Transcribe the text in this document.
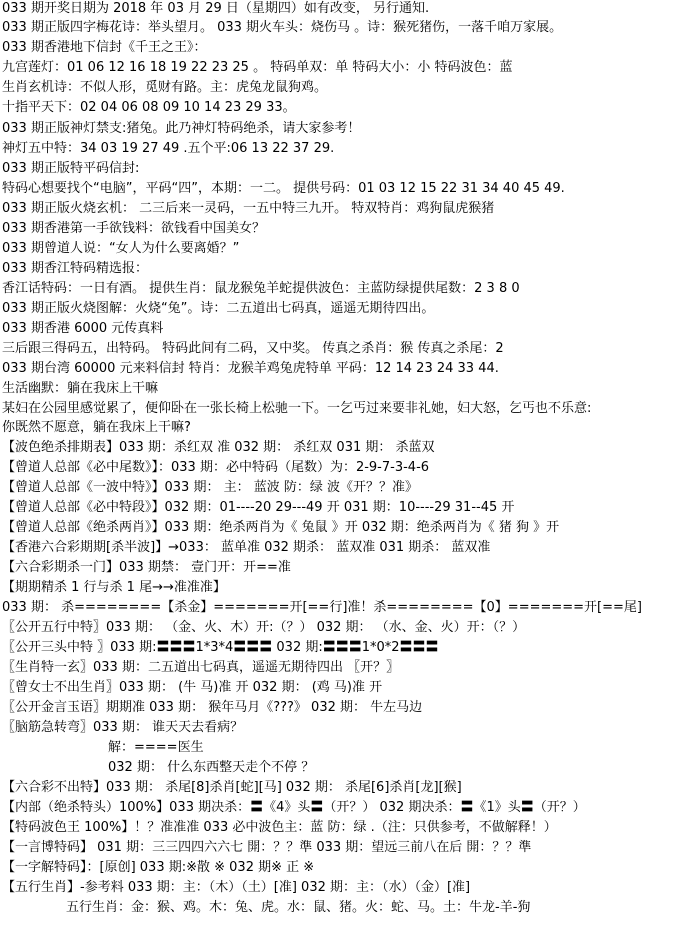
033 期开奖日期为 2018 年 03 月 29 日（星期四）如有改变， 另行通知.
033 期正版四字梅花诗：举头望月。 033 期火车头：烧伤马 。诗：猴死猪伤，一落千咱万家展。
033 期香港地下信封《千王之王》：
九宫莲灯：01 06 12 16 18 19 22 23 25 。 特码单双：单 特码大小：小 特码波色：蓝
生肖玄机诗：不似人形，觅财有路。主：虎兔龙鼠狗鸡。
十指平天下：02 04 06 08 09 10 14 23 29 33。
033 期正版神灯禁支:猪兔。此乃神灯特码绝杀，请大家参考！
神灯五中特：34 03 19 27 49 .五个平:06 13 22 37 29.
033 期正版特平码信封:
特码心想要找个“电脑”，平码“四”，本期：一二。 提供号码：01 03 12 15 22 31 34 40 45 49.
033 期正版火烧玄机： 二三后来一灵码，一五中特三九开。 特双特肖：鸡狗鼠虎猴猪
033 期香港第一手欲钱料：欲钱看中国美女？
033 期曾道人说：“女人为什么要离婚？”
033 期香江特码精选报：
香江话特码：一日有酒。 提供生肖：鼠龙猴兔羊蛇提供波色：主蓝防绿提供尾数：2 3 8 0
033 期正版火烧图解：火烧“兔”。诗：二五道出七码真，遥遥无期待四出。
033 期香港 6000 元传真料
三后跟三得码五，出特码。 特码此间有二码，又中奖。 传真之杀肖：猴 传真之杀尾：2
033 期台湾 60000 元来料信封 特肖：龙猴羊鸡兔虎特单 平码：12 14 23 24 33 44.
生活幽默：躺在我床上干嘛
某妇在公园里感觉累了，便仰卧在一张长椅上松驰一下。一乞丐过来要非礼她，妇大怒，乞丐也不乐意:
你既然不愿意，躺在我床上干嘛?
【波色绝杀排期表】033 期：杀红双 准 032 期： 杀红双 031 期： 杀蓝双
【曾道人总部《必中尾数》】：033 期：必中特码（尾数）为：2-9-7-3-4-6
【曾道人总部《一波中特》】033 期： 主： 蓝波 防：绿 波《开？？准》
【曾道人总部《必中特段》】032 期：01----20 29---49 开 031 期：10----29 31--45 开
【曾道人总部《绝杀两肖》】033 期：绝杀两肖为《 兔鼠 》开 032 期：绝杀两肖为《 猪 狗 》开
【香港六合彩期期[杀半波]】→033： 蓝单准 032 期杀： 蓝双准 031 期杀： 蓝双准
【六合彩期杀一门】033 期禁： 壹门开：开==准
【期期精杀 1 行与杀 1 尾→→准准准】
033 期： 杀========【杀金】=======开[==行]准！杀========【0】=======开[==尾]
〖公开五行中特〗033 期： （金、火、木）开:（？） 032 期： （水、金、火）开：（？）
〖公开三头中特 〗033 期:〓〓〓1*3*4〓〓〓 032 期:〓〓〓1*0*2〓〓〓
〖生肖特一玄〗033 期：二五道出七码真，遥遥无期待四出 〖开？〗
〖曾女士不出生肖〗033 期： (牛 马)准 开 032 期： (鸡 马)准 开
〖公开金言玉语〗期期准 033 期： 猴年马月《???》 032 期： 牛左马边
〖脑筋急转弯〗033 期： 谁天天去看病？
解：====医生
032 期： 什么东西整天走个不停 ？
【六合彩不出特】033 期： 杀尾[8]杀肖[蛇][马] 032 期： 杀尾[6]杀肖[龙][猴]
【内部（绝杀特头）100%】033 期决杀：〓《4》头〓（开？） 032 期决杀：〓《1》头〓（开？）
【特码波色王 100%】！？准准准 033 必中波色主：蓝 防：绿 .（注：只供参考，不做解释！）
【一言博特码】 031 期：三三四四六六七 開：？？準 033 期：望远三前八在后 開：？？準
【一字解特码】：[原创] 033 期:※散 ※ 032 期※ 正 ※
【五行生肖】-参考料 033 期：主：（木）（土）[准] 032 期：主：（水）（金）[准]
五行生肖：金：猴、鸡。木：兔、虎。水：鼠、猪。火：蛇、马。土：牛龙-羊-狗
